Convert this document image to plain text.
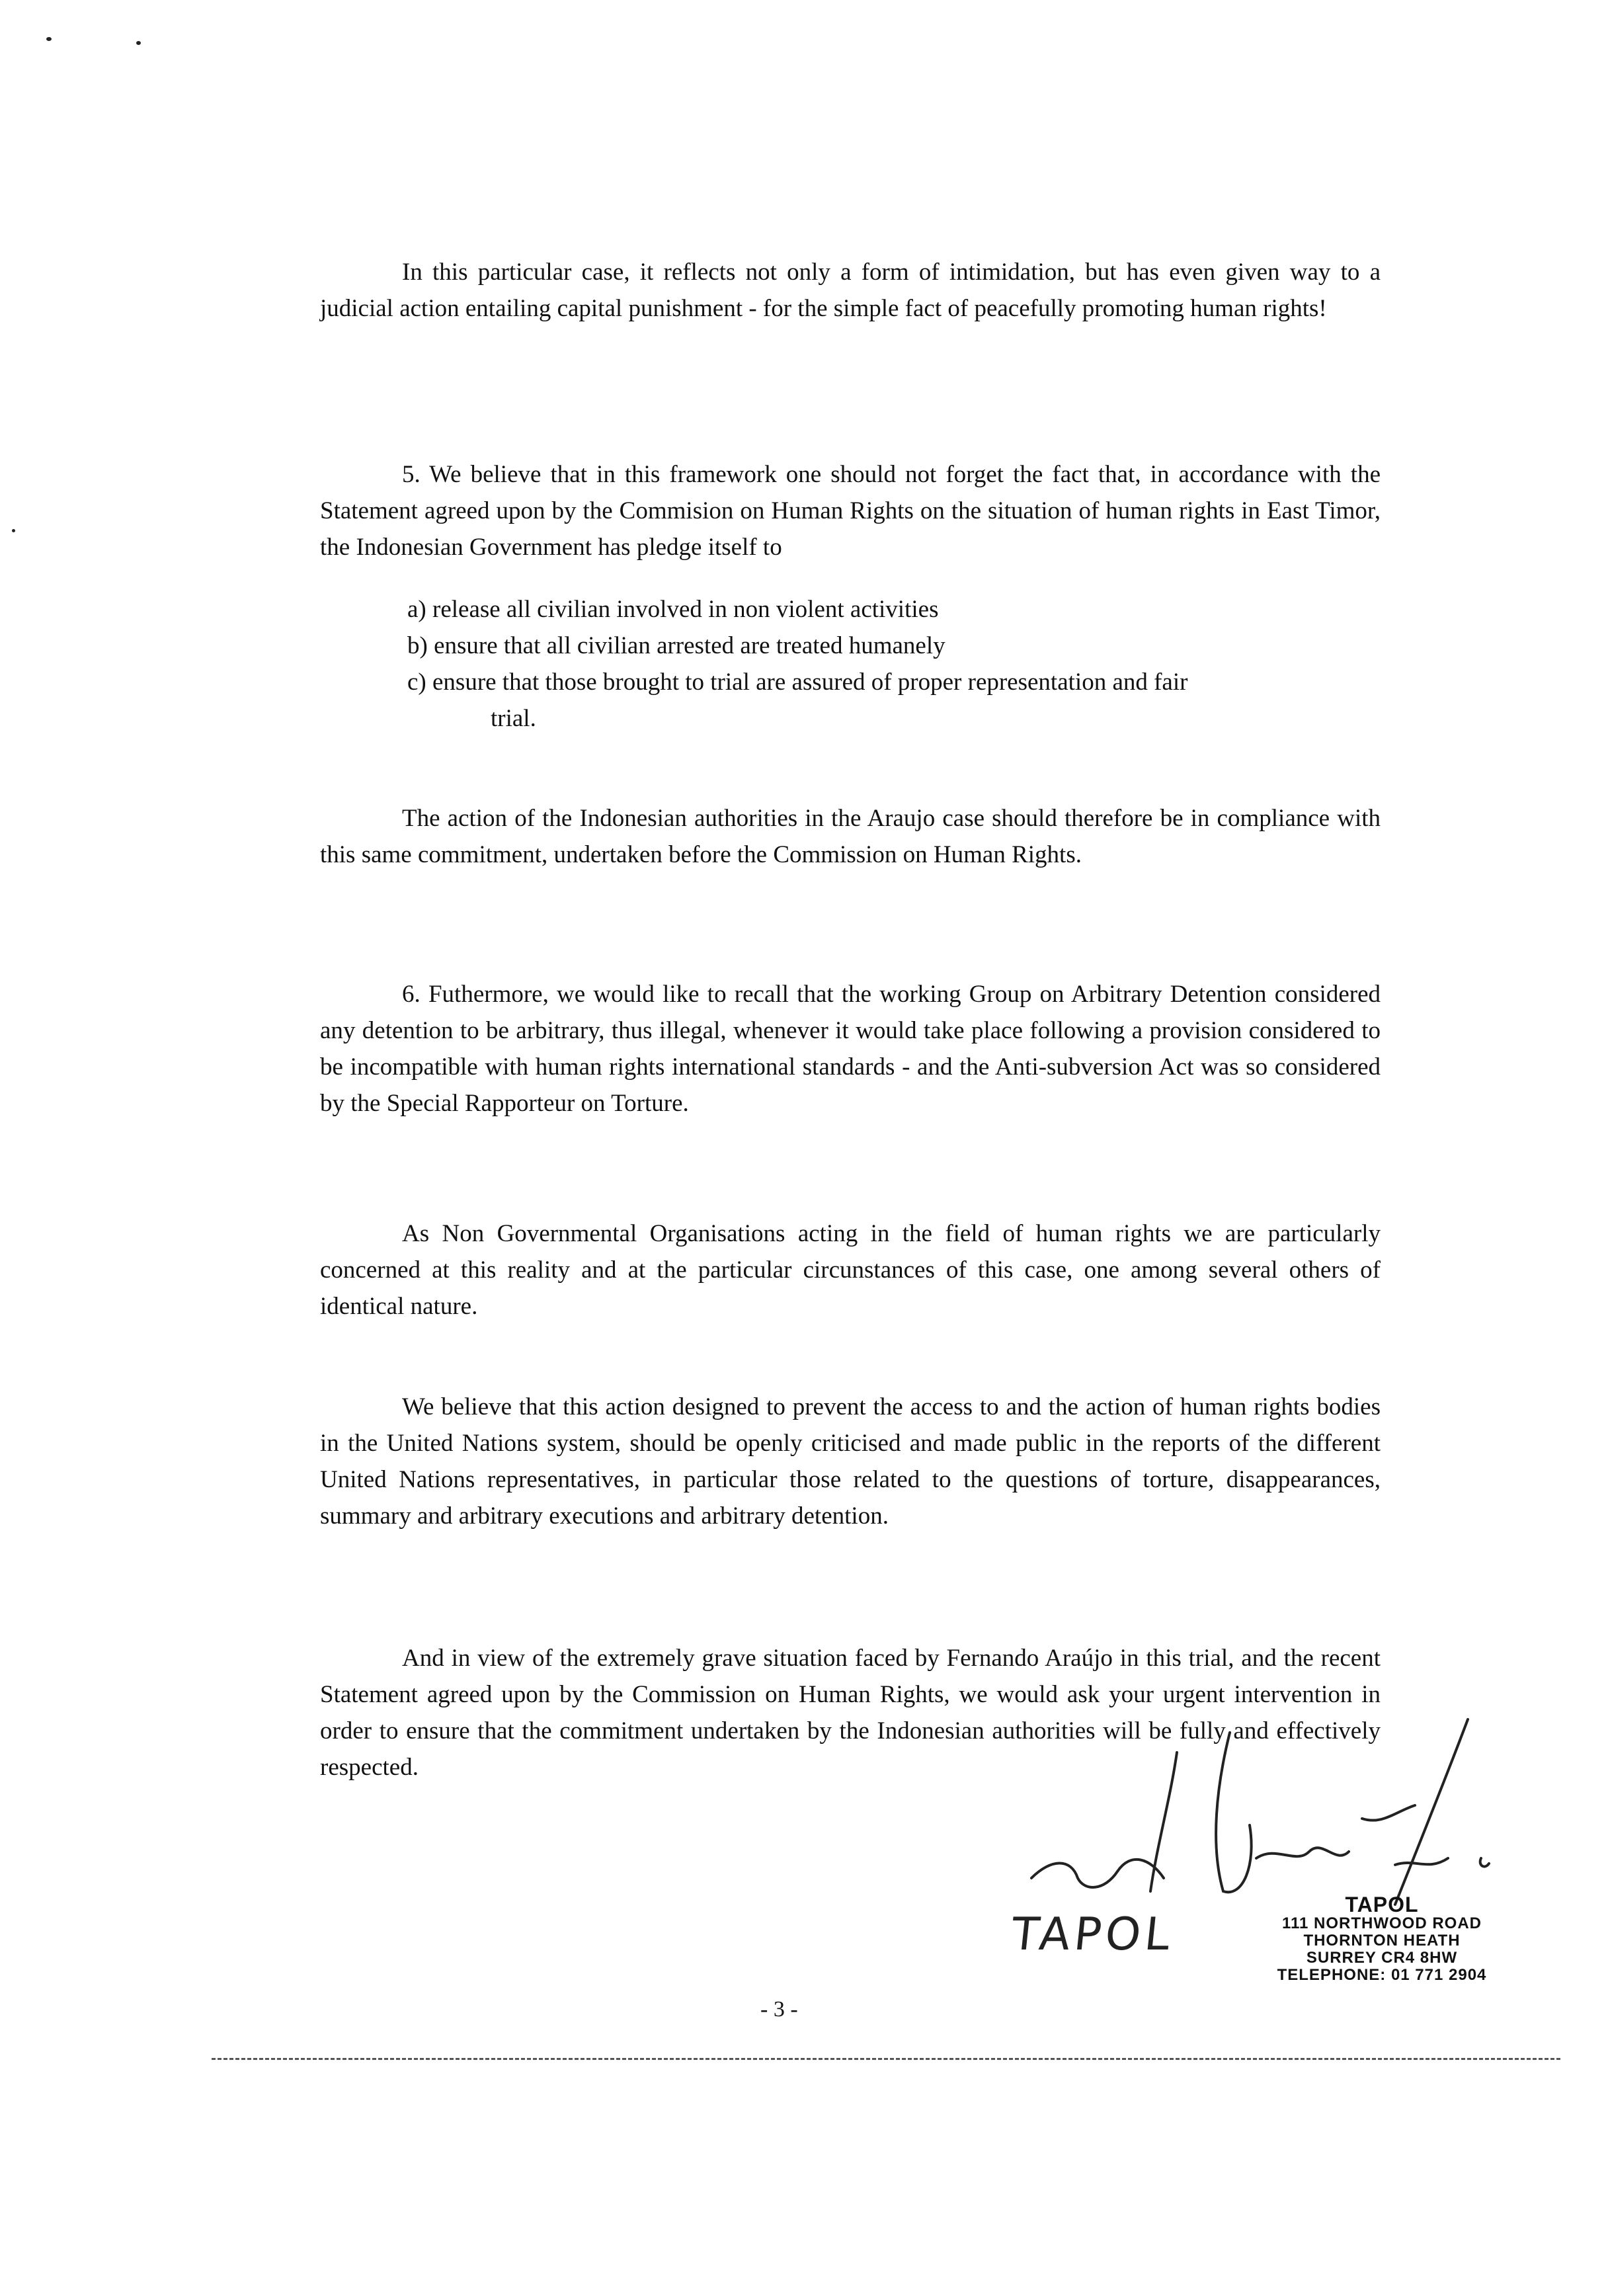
In this particular case, it reflects not only a form of intimidation, but has even given way to a judicial action entailing capital punishment - for the simple fact of peacefully promoting human rights!
5. We believe that in this framework one should not forget the fact that, in accordance with the Statement agreed upon by the Commision on Human Rights on the situation of human rights in East Timor, the Indonesian Government has pledge itself to
a) release all civilian involved in non violent activities
b) ensure that all civilian arrested are treated humanely
c) ensure that those brought to trial are assured of proper representation and fair
trial.
The action of the Indonesian authorities in the Araujo case should therefore be in compliance with this same commitment, undertaken before the Commission on Human Rights.
6. Futhermore, we would like to recall that the working Group on Arbitrary Detention considered any detention to be arbitrary, thus illegal, whenever it would take place following a provision considered to be incompatible with human rights international standards - and the Anti-subversion Act was so considered by the Special Rapporteur on Torture.
As Non Governmental Organisations acting in the field of human rights we are particularly concerned at this reality and at the particular circunstances of this case, one among several others of identical nature.
We believe that this action designed to prevent the access to and the action of human rights bodies in the United Nations system, should be openly criticised and made public in the reports of the different United Nations representatives, in particular those related to the questions of torture, disappearances, summary and arbitrary executions and arbitrary detention.
And in view of the extremely grave situation faced by Fernando Araújo in this trial, and the recent Statement agreed upon by the Commission on Human Rights, we would ask your urgent intervention in order to ensure that the commitment undertaken by the Indonesian authorities will be fully and effectively respected.
TAPOL
TAPOL
111 NORTHWOOD ROAD
THORNTON HEATH
SURREY CR4 8HW
TELEPHONE: 01 771 2904
- 3 -
